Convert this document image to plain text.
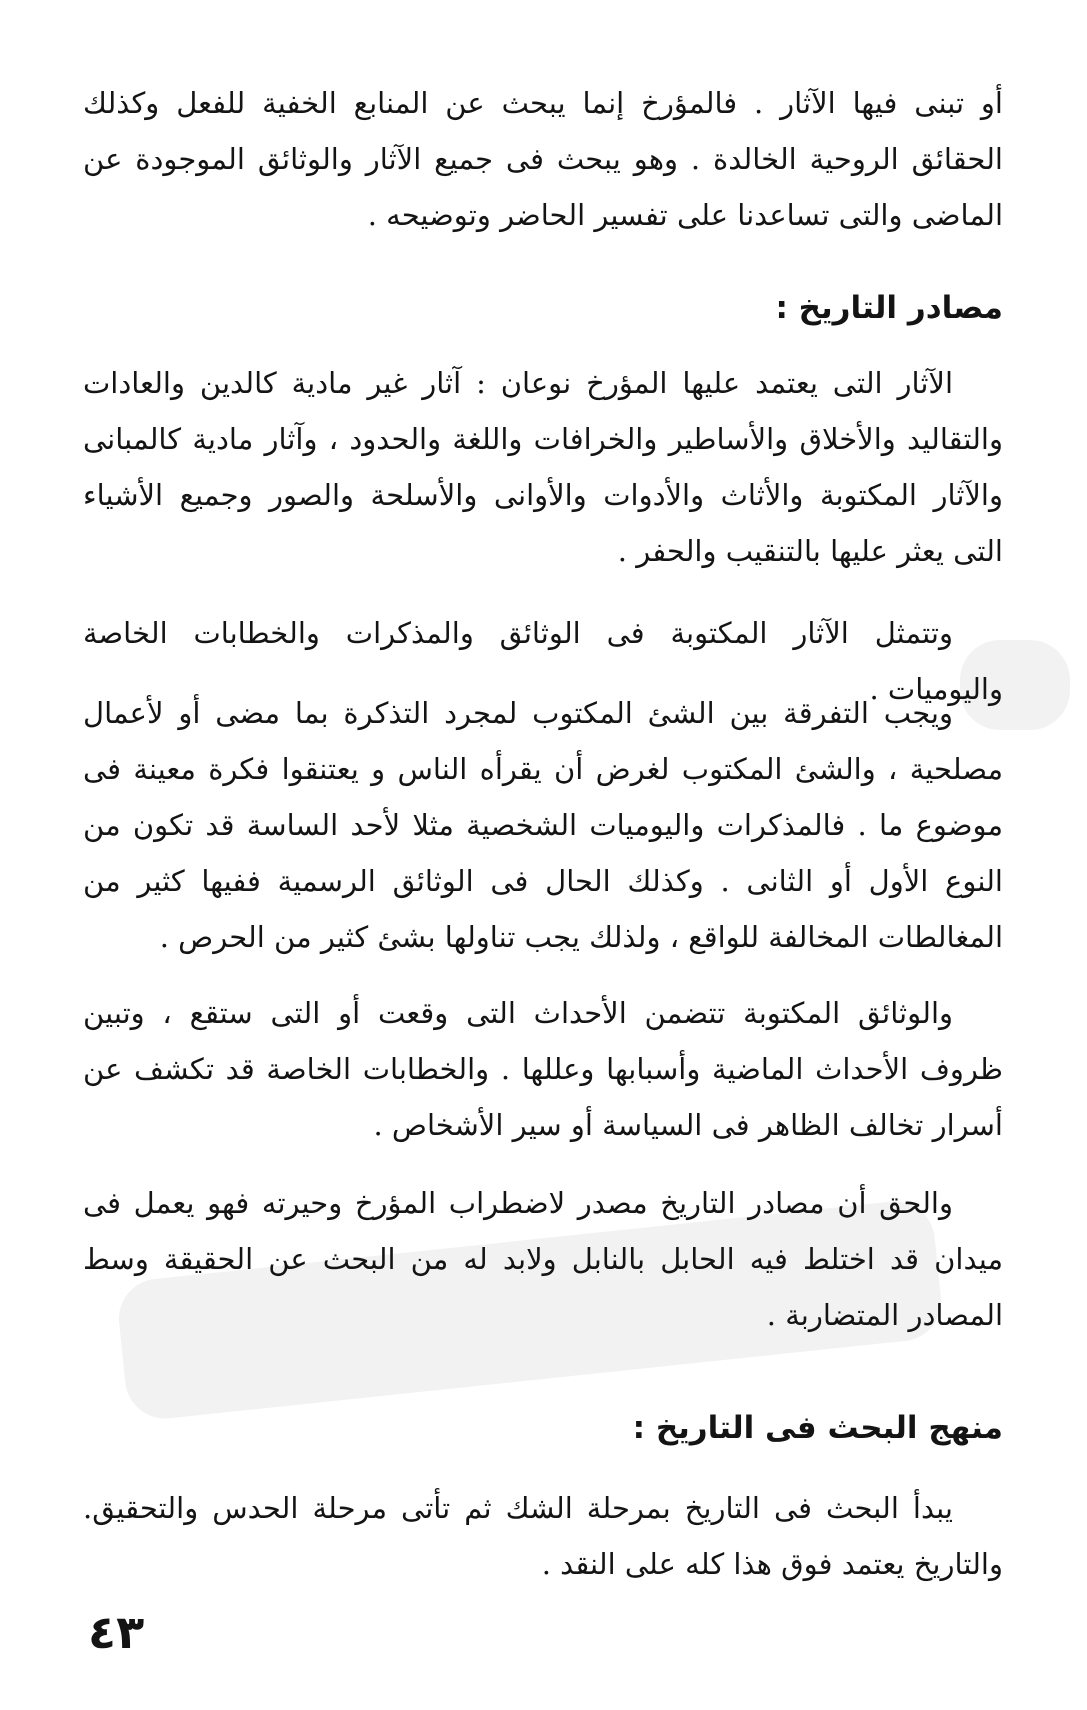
أو تبنى فيها الآثار . فالمؤرخ إنما يبحث عن المنابع الخفية للفعل وكذلك الحقائق الروحية الخالدة . وهو يبحث فى جميع الآثار والوثائق الموجودة عن الماضى والتى تساعدنا على تفسير الحاضر وتوضيحه .

مصادر التاريخ :

الآثار التى يعتمد عليها المؤرخ نوعان : آثار غير مادية كالدين والعادات والتقاليد والأخلاق والأساطير والخرافات واللغة والحدود ، وآثار مادية كالمبانى والآثار المكتوبة والأثاث والأدوات والأوانى والأسلحة والصور وجميع الأشياء التى يعثر عليها بالتنقيب والحفر .

وتتمثل الآثار المكتوبة فى الوثائق والمذكرات والخطابات الخاصة واليوميات .

ويجب التفرقة بين الشئ المكتوب لمجرد التذكرة بما مضى أو لأعمال مصلحية ، والشئ المكتوب لغرض أن يقرأه الناس و يعتنقوا فكرة معينة فى موضوع ما . فالمذكرات واليوميات الشخصية مثلا لأحد الساسة قد تكون من النوع الأول أو الثانى . وكذلك الحال فى الوثائق الرسمية ففيها كثير من المغالطات المخالفة للواقع ، ولذلك يجب تناولها بشئ كثير من الحرص .

والوثائق المكتوبة تتضمن الأحداث التى وقعت أو التى ستقع ، وتبين ظروف الأحداث الماضية وأسبابها وعللها . والخطابات الخاصة قد تكشف عن أسرار تخالف الظاهر فى السياسة أو سير الأشخاص .

والحق أن مصادر التاريخ مصدر لاضطراب المؤرخ وحيرته فهو يعمل فى ميدان قد اختلط فيه الحابل بالنابل ولابد له من البحث عن الحقيقة وسط المصادر المتضاربة .

منهج البحث فى التاريخ :

يبدأ البحث فى التاريخ بمرحلة الشك ثم تأتى مرحلة الحدس والتحقيق. والتاريخ يعتمد فوق هذا كله على النقد .

٤٣
